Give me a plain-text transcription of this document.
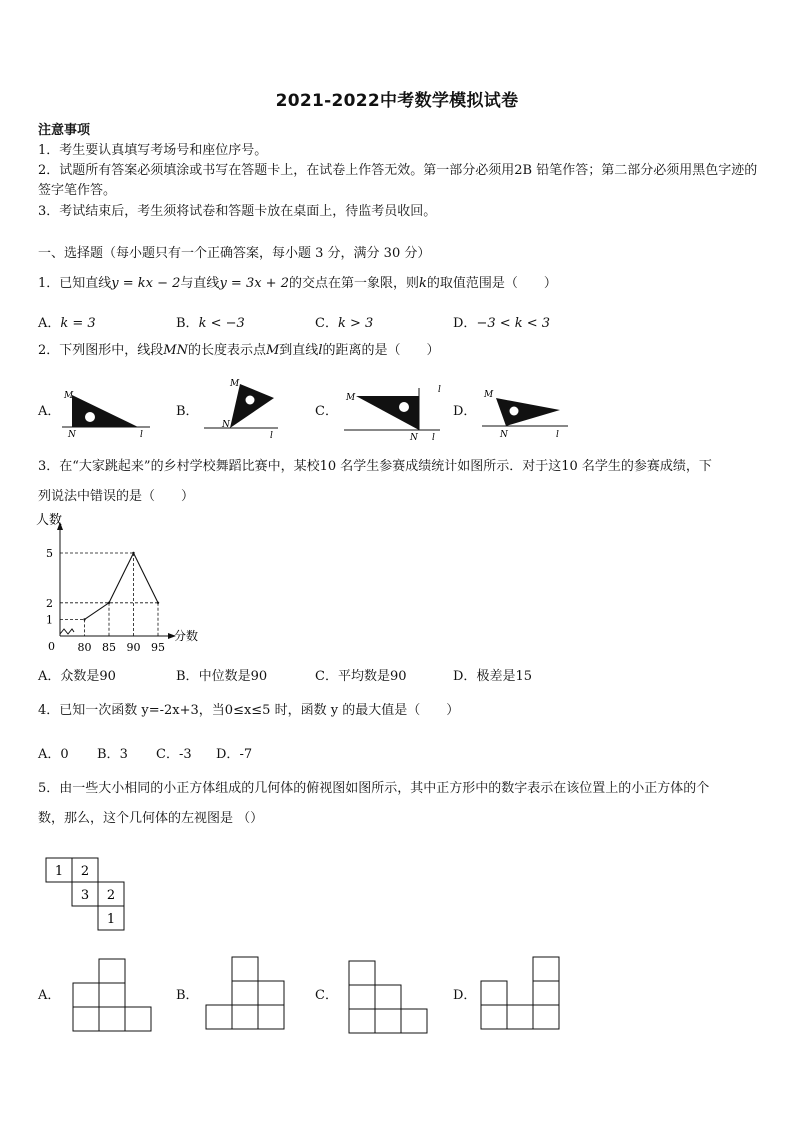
2021-2022中考数学模拟试卷
注意事项
1．考生要认真填写考场号和座位序号。
2．试题所有答案必须填涂或书写在答题卡上，在试卷上作答无效。第一部分必须用2B 铅笔作答；第二部分必须用黑色字迹的签字笔作答。
3．考试结束后，考生须将试卷和答题卡放在桌面上，待监考员收回。
一、选择题（每小题只有一个正确答案，每小题 3 分，满分 30 分）
1．已知直线y = kx − 2与直线y = 3x + 2的交点在第一象限，则k的取值范围是（　　）
A．k = 3	B．k < −3	C．k > 3	D．−3 < k < 3
2．下列图形中，线段MN的长度表示点M到直线l的距离的是（　　）
A．	B．	C．	D．
M
N	l
M
N
l
M
N l
l	M
N	l
3．在“大家跳起来”的乡村学校舞蹈比赛中，某校10 名学生参赛成绩统计如图所示．对于这10 名学生的参赛成绩，下
列说法中错误的是（　　）
人数
分数
0 80 85 90 95
1
2
5
A．众数是90	B．中位数是90	C．平均数是90	D．极差是15
4．已知一次函数 y=-2x+3，当0≤x≤5 时，函数 y 的最大值是（　　）
A．0 B．3 C．-3 D．-7
5．由一些大小相同的小正方体组成的几何体的俯视图如图所示，其中正方形中的数字表示在该位置上的小正方体的个
数，那么，这个几何体的左视图是 （）
1 2
3 2
1
A．	B．	C．	D．
